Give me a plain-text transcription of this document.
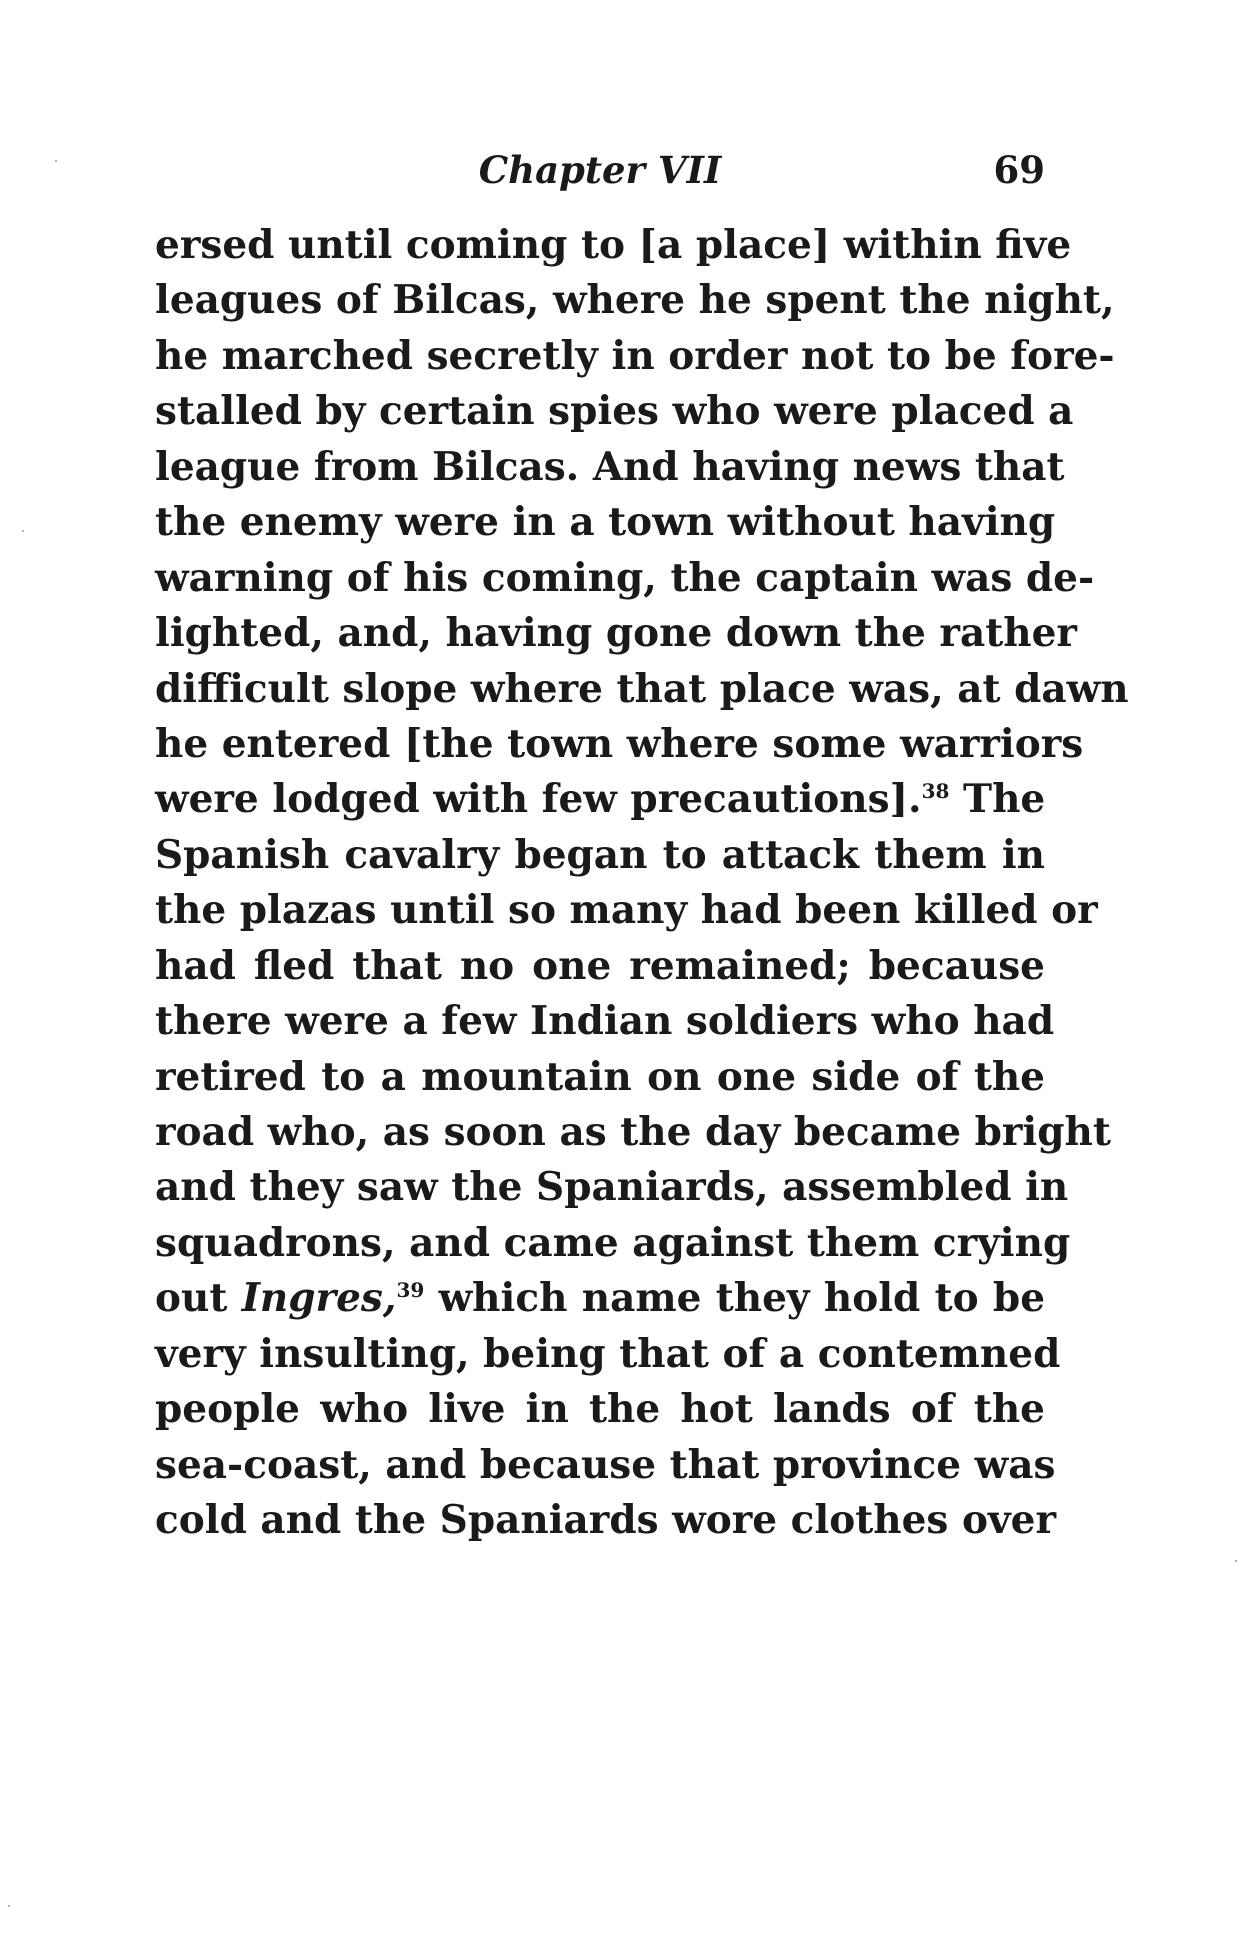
Chapter VII	69
ersed until coming to [a place] within five
leagues of Bilcas, where he spent the night,
he marched secretly in order not to be fore-
stalled by certain spies who were placed a
league from Bilcas. And having news that
the enemy were in a town without having
warning of his coming, the captain was de-
lighted, and, having gone down the rather
difficult slope where that place was, at dawn
he entered [the town where some warriors
were lodged with few precautions].$^{38}$ The
Spanish cavalry began to attack them in
the plazas until so many had been killed or
had fled that no one remained; because
there were a few Indian soldiers who had
retired to a mountain on one side of the
road who, as soon as the day became bright
and they saw the Spaniards, assembled in
squadrons, and came against them crying
out Ingres,$^{39}$ which name they hold to be
very insulting, being that of a contemned
people who live in the hot lands of the
sea-coast, and because that province was
cold and the Spaniards wore clothes over
